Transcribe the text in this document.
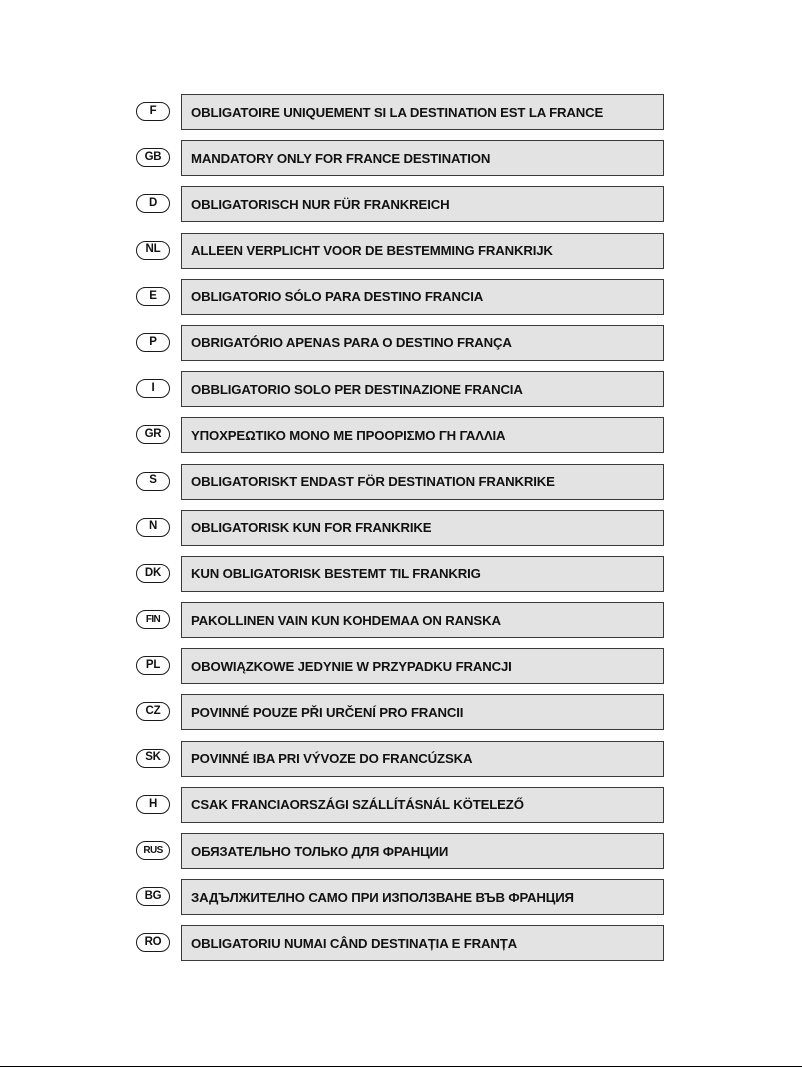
F	OBLIGATOIRE UNIQUEMENT SI LA DESTINATION EST LA FRANCE
GB	MANDATORY ONLY FOR FRANCE DESTINATION
D	OBLIGATORISCH NUR FÜR FRANKREICH
NL	ALLEEN VERPLICHT VOOR DE BESTEMMING FRANKRIJK
E	OBLIGATORIO SÓLO PARA DESTINO FRANCIA
P	OBRIGATÓRIO APENAS PARA O DESTINO FRANÇA
I	OBBLIGATORIO SOLO PER DESTINAZIONE FRANCIA
GR	ΥΠΟΧΡΕΩΤΙΚΟ ΜΟΝΟ ΜΕ ΠΡΟΟΡΙΣΜΟ ΓΗ ΓΑΛΛΙΑ
S	OBLIGATORISKT ENDAST FÖR DESTINATION FRANKRIKE
N	OBLIGATORISK KUN FOR FRANKRIKE
DK	KUN OBLIGATORISK BESTEMT TIL FRANKRIG
FIN	PAKOLLINEN VAIN KUN KOHDEMAA ON RANSKA
PL	OBOWIĄZKOWE JEDYNIE W PRZYPADKU FRANCJI
CZ	POVINNÉ POUZE PŘI URČENÍ PRO FRANCII
SK	POVINNÉ IBA PRI VÝVOZE DO FRANCÚZSKA
H	CSAK FRANCIAORSZÁGI SZÁLLÍTÁSNÁL KÖTELEZŐ
RUS	ОБЯЗАТЕЛЬНО ТОЛЬКО ДЛЯ ФРАНЦИИ
BG	ЗАДЪЛЖИТЕЛНО САМО ПРИ ИЗПОЛЗВАНЕ ВЪВ ФРАНЦИЯ
RO	OBLIGATORIU NUMAI CÂND DESTINAȚIA E FRANȚA
